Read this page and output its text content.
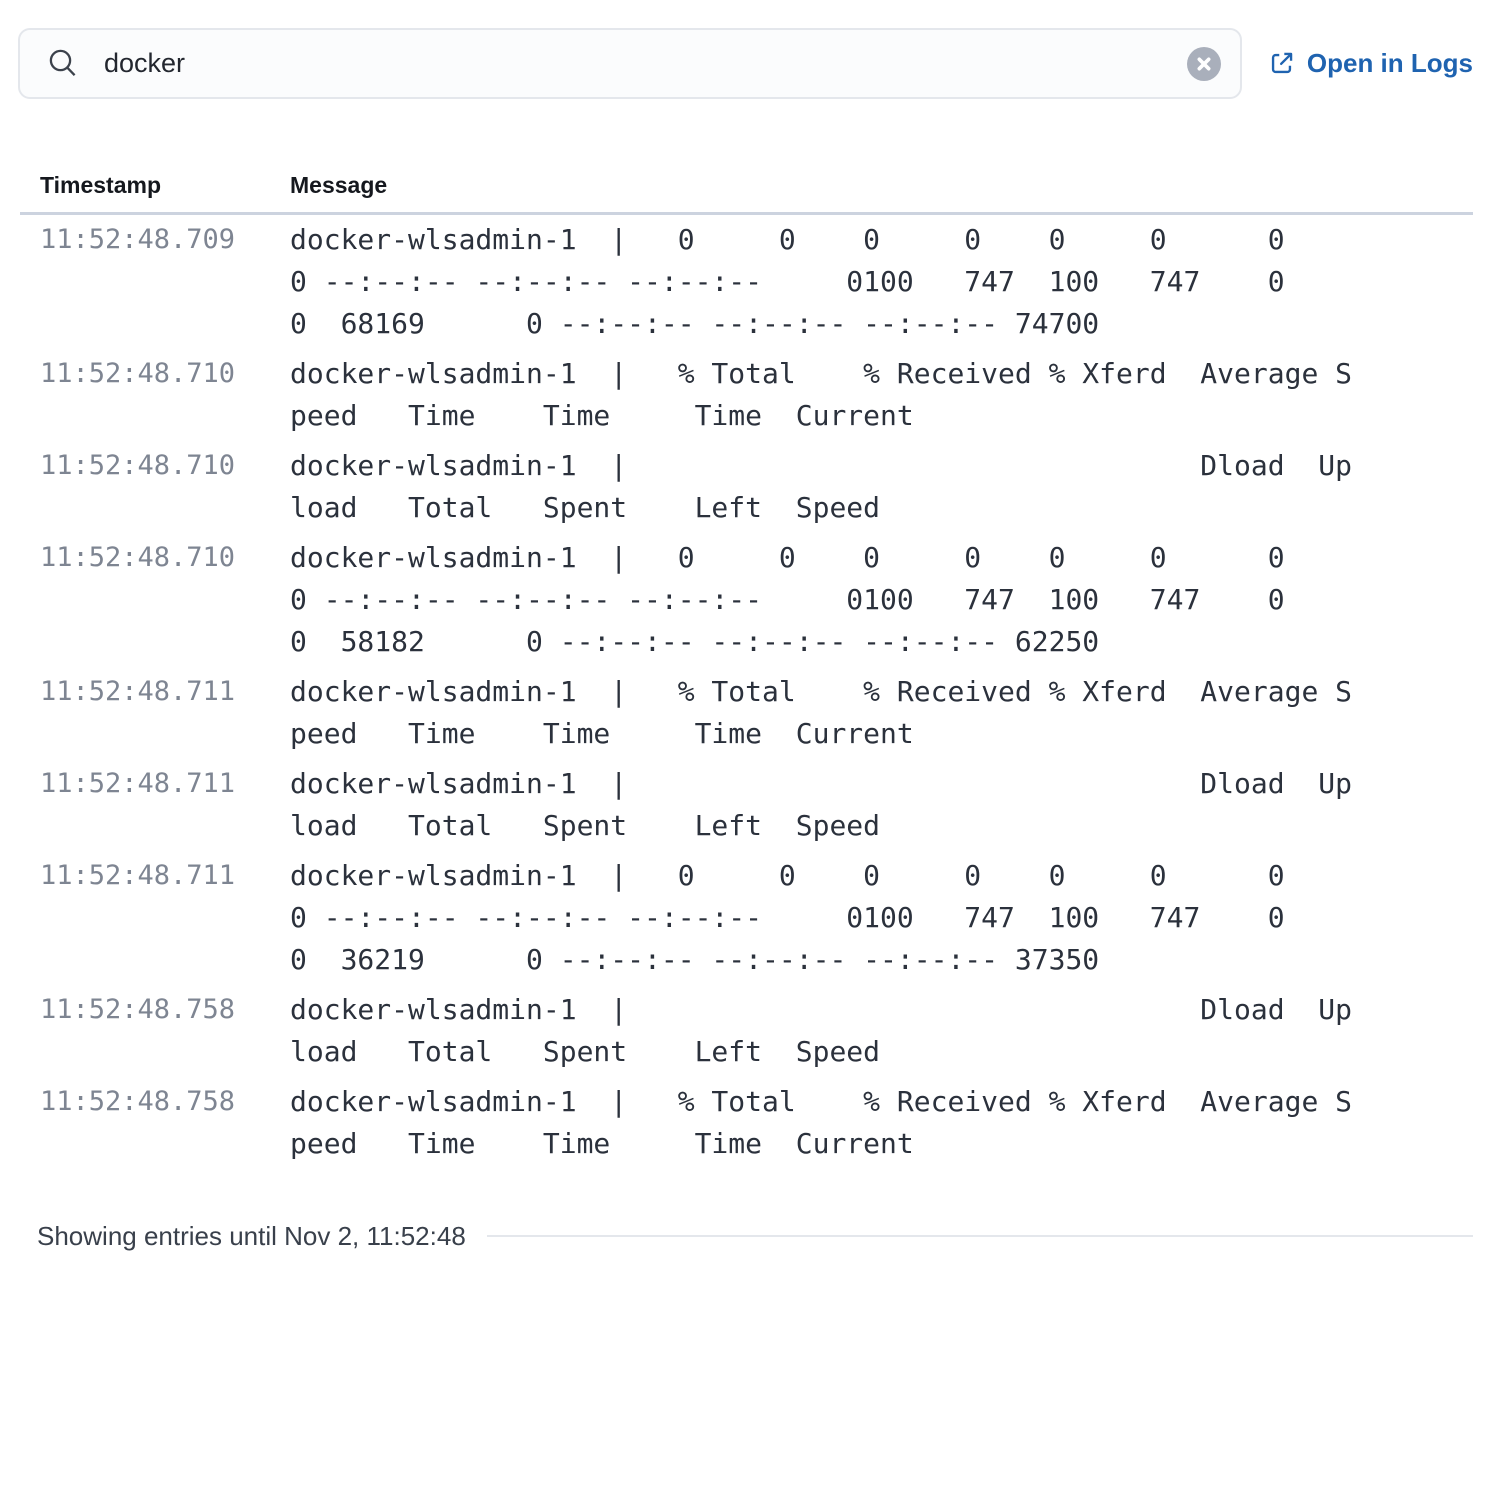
docker
Open in Logs
Timestamp	Message
11:52:48.709	docker-wlsadmin-1  |   0     0    0     0    0     0      0
0 --:--:-- --:--:-- --:--:--     0100   747  100   747    0
0  68169      0 --:--:-- --:--:-- --:--:-- 74700
11:52:48.710	docker-wlsadmin-1  |   % Total    % Received % Xferd  Average S
peed   Time    Time     Time  Current
11:52:48.710	docker-wlsadmin-1  |                                  Dload  Up
load   Total   Spent    Left  Speed
11:52:48.710	docker-wlsadmin-1  |   0     0    0     0    0     0      0
0 --:--:-- --:--:-- --:--:--     0100   747  100   747    0
0  58182      0 --:--:-- --:--:-- --:--:-- 62250
11:52:48.711	docker-wlsadmin-1  |   % Total    % Received % Xferd  Average S
peed   Time    Time     Time  Current
11:52:48.711	docker-wlsadmin-1  |                                  Dload  Up
load   Total   Spent    Left  Speed
11:52:48.711	docker-wlsadmin-1  |   0     0    0     0    0     0      0
0 --:--:-- --:--:-- --:--:--     0100   747  100   747    0
0  36219      0 --:--:-- --:--:-- --:--:-- 37350
11:52:48.758	docker-wlsadmin-1  |                                  Dload  Up
load   Total   Spent    Left  Speed
11:52:48.758	docker-wlsadmin-1  |   % Total    % Received % Xferd  Average S
peed   Time    Time     Time  Current
Showing entries until Nov 2, 11:52:48
